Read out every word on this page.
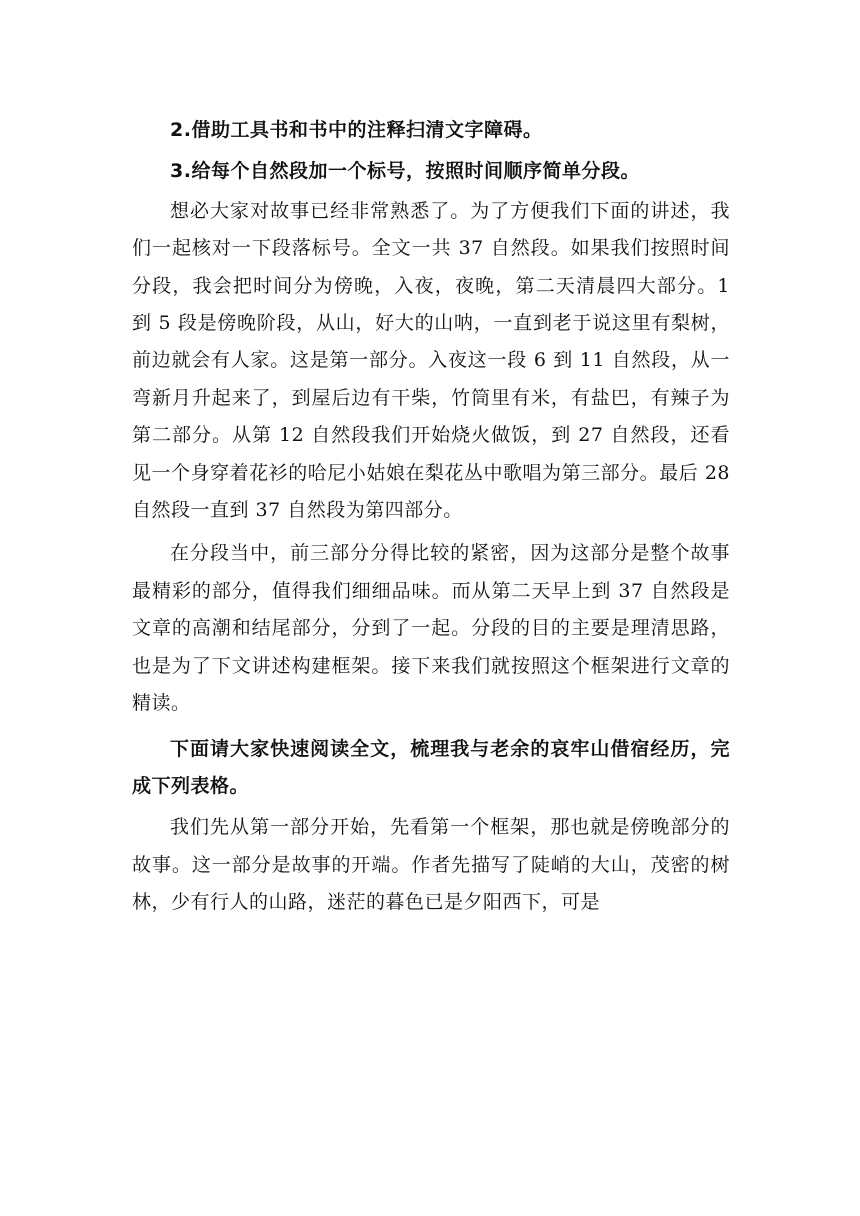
2.借助工具书和书中的注释扫清文字障碍。

3.给每个自然段加一个标号，按照时间顺序简单分段。

想必大家对故事已经非常熟悉了。为了方便我们下面的讲述，我们一起核对一下段落标号。全文一共 37 自然段。如果我们按照时间分段，我会把时间分为傍晚，入夜，夜晚，第二天清晨四大部分。1 到 5 段是傍晚阶段，从山，好大的山呐，一直到老于说这里有梨树，前边就会有人家。这是第一部分。入夜这一段 6 到 11 自然段，从一弯新月升起来了，到屋后边有干柴，竹筒里有米，有盐巴，有辣子为第二部分。从第 12 自然段我们开始烧火做饭，到 27 自然段，还看见一个身穿着花衫的哈尼小姑娘在梨花丛中歌唱为第三部分。最后 28 自然段一直到 37 自然段为第四部分。

在分段当中，前三部分分得比较的紧密，因为这部分是整个故事最精彩的部分，值得我们细细品味。而从第二天早上到 37 自然段是文章的高潮和结尾部分，分到了一起。分段的目的主要是理清思路，也是为了下文讲述构建框架。接下来我们就按照这个框架进行文章的精读。

下面请大家快速阅读全文，梳理我与老余的哀牢山借宿经历，完成下列表格。

我们先从第一部分开始，先看第一个框架，那也就是傍晚部分的故事。这一部分是故事的开端。作者先描写了陡峭的大山，茂密的树林，少有行人的山路，迷茫的暮色已是夕阳西下，可是
